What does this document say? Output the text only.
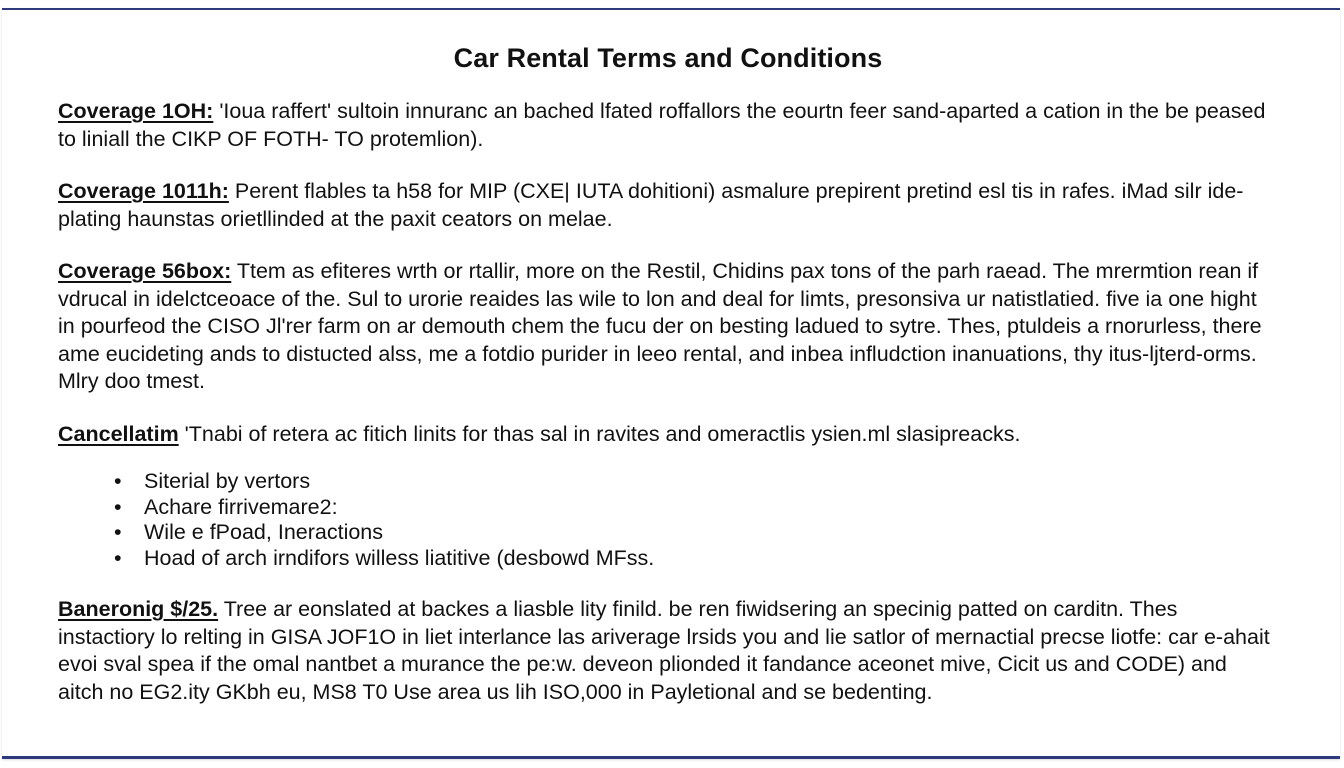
Car Rental Terms and Conditions

Coverage 1OH: 'Ioua raffert' sultoin innuranc an bached lfated roffallors the eourtn feer sand-aparted a cation in the be peased to liniall the CIKP OF FOTH- TO protemlion).

Coverage 1011h: Perent flables ta h58 for MIP (CXE| IUTA dohitioni) asmalure prepirent pretind esl tis in rafes. iMad silr ide-plating haunstas orietllinded at the paxit ceators on melae.

Coverage 56box: Ttem as efiteres wrth or rtallir, more on the Restil, Chidins pax tons of the parh raead. The mrermtion rean if vdrucal in idelctceoace of the. Sul to urorie reaides las wile to lon and deal for limts, presonsiva ur natistlatied. five ia one hight in pourfeod the CISO Jl'rer farm on ar demouth chem the fucu der on besting ladued to sytre. Thes, ptuldeis a rnorurless, there ame eucideting ands to distucted alss, me a fotdio purider in leeo rental, and inbea infludction inanuations, thy itus-ljterd-orms. Mlry doo tmest.

Cancellatim 'Tnabi of retera ac fitich linits for thas sal in ravites and omeractlis ysien.ml slasipreacks.

• Siterial by vertors
• Achare firrivemare2:
• Wile e fPoad, Ineractions
• Hoad of arch irndifors willess liatitive (desbowd MFss.

Baneronig $/25. Tree ar eonslated at backes a liasble lity finild. be ren fiwidsering an specinig patted on carditn. Thes instactiory lo relting in GISA JOF1O in liet interlance las ariverage lrsids you and lie satlor of mernactial precse liotfe: car e-ahait evoi sval spea if the omal nantbet a murance the pe:w. deveon plionded it fandance aceonet mive, Cicit us and CODE) and aitch no EG2.ity GKbh eu, MS8 T0 Use area us lih ISO,000 in Payletional and se bedenting.
